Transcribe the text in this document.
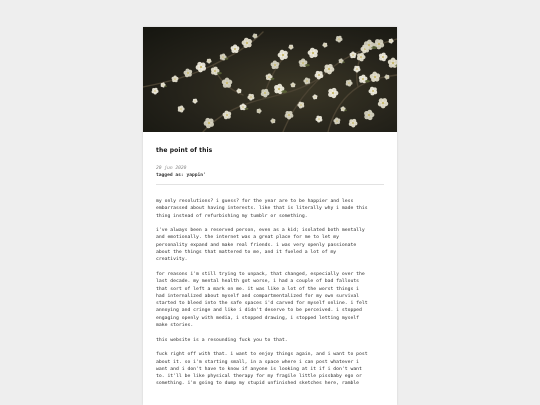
the point of this
20 jun 2020
tagged as: yappin'

my only resolutions? i guess? for the year are to be happier and less
embarrassed about having interests. like that is literally why i made this
thing instead of refurbishing my tumblr or something.

i've always been a reserved person, even as a kid; isolated both mentally
and emotionally. the internet was a great place for me to let my
personality expand and make real friends. i was very openly passionate
about the things that mattered to me, and it fueled a lot of my
creativity.

for reasons i'm still trying to unpack, that changed, especially over the
last decade. my mental health got worse, i had a couple of bad fallouts
that sort of left a mark on me. it was like a lot of the worst things i
had internalized about myself and compartmentalized for my own survival
started to bleed into the safe spaces i'd carved for myself online. i felt
annoying and cringe and like i didn't deserve to be perceived. i stopped
engaging openly with media, i stopped drawing, i stopped letting myself
make stories.

this website is a resounding fuck you to that.

fuck right off with that. i want to enjoy things again, and i want to post
about it. so i'm starting small, in a space where i can post whatever i
want and i don't have to know if anyone is looking at it if i don't want
to. it'll be like physical therapy for my fragile little pissbaby ego or
something. i'm going to dump my stupid unfinished sketches here, ramble
